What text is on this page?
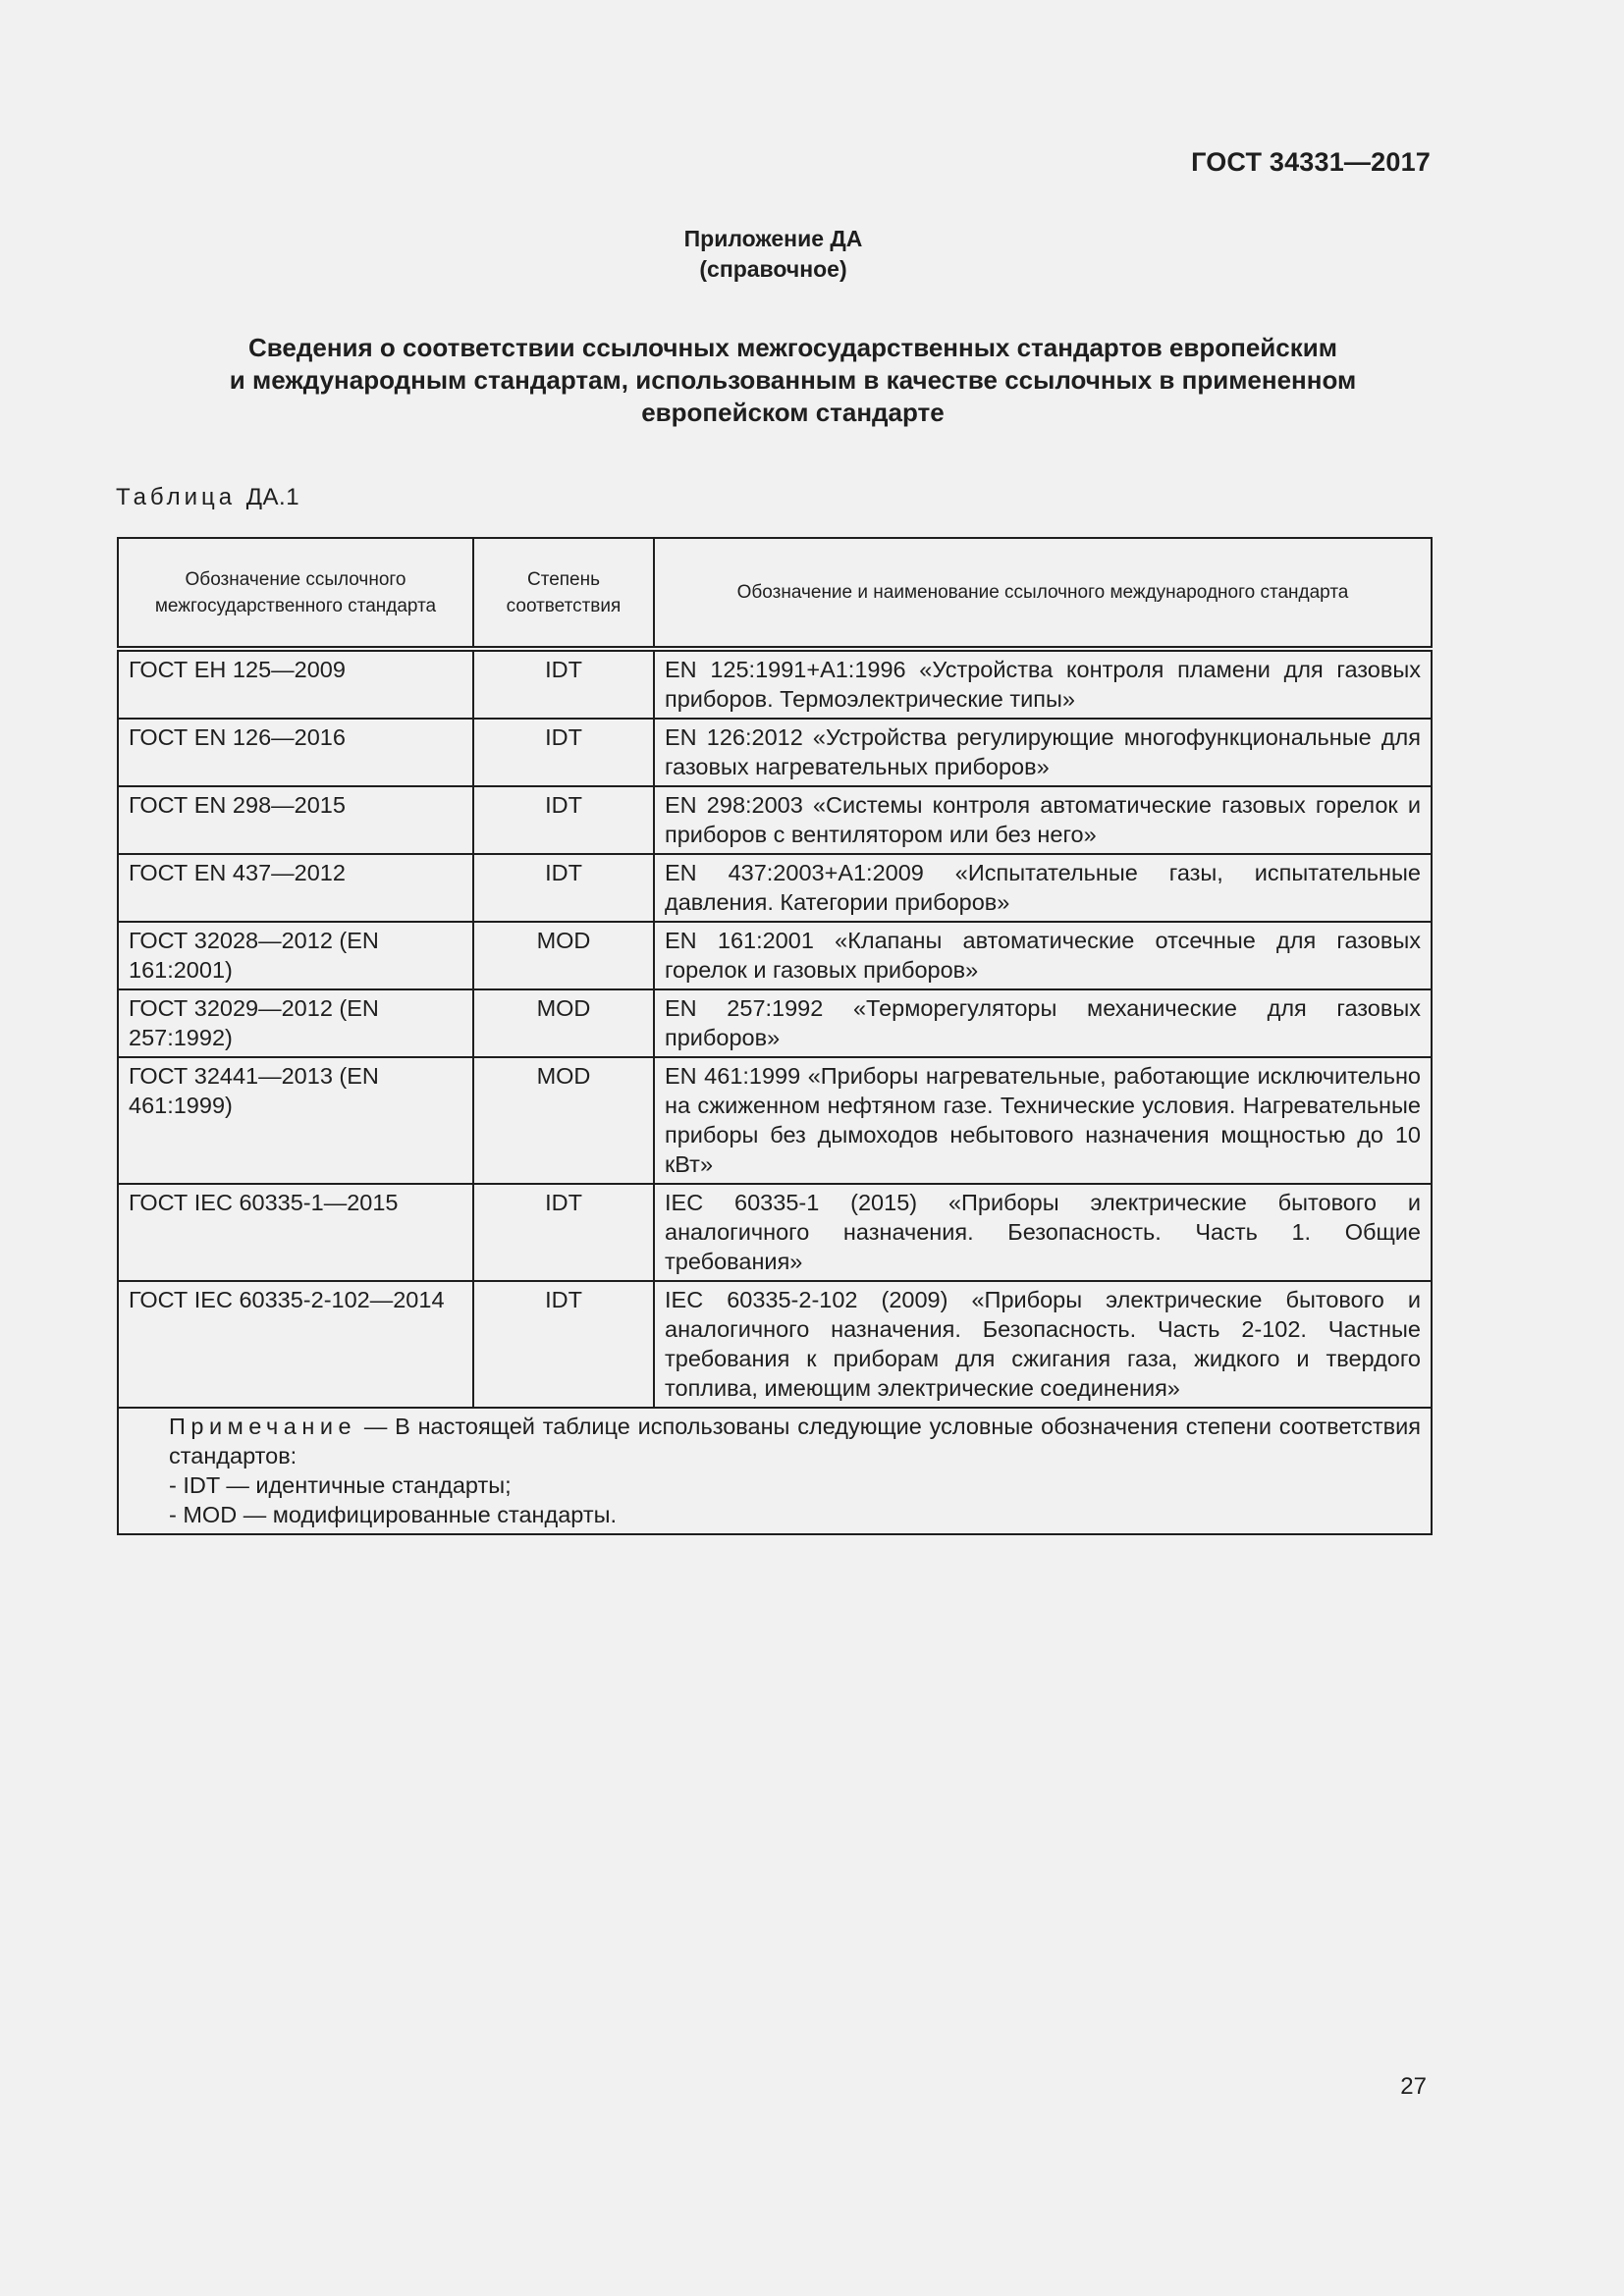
ГОСТ 34331—2017
Приложение ДА
(справочное)
Сведения о соответствии ссылочных межгосударственных стандартов европейским
и международным стандартам, использованным в качестве ссылочных в примененном
европейском стандарте
Таблица ДА.1
Обозначение ссылочного межгосударственного стандарта	Степень соответствия	Обозначение и наименование ссылочного международного стандарта
ГОСТ ЕН 125—2009	IDT	EN 125:1991+А1:1996 «Устройства контроля пламени для газовых приборов. Термоэлектрические типы»
ГОСТ EN 126—2016	IDT	EN 126:2012 «Устройства регулирующие многофункциональные для газовых нагревательных приборов»
ГОСТ EN 298—2015	IDT	EN 298:2003 «Системы контроля автоматические газовых горелок и приборов с вентилятором или без него»
ГОСТ EN 437—2012	IDT	EN 437:2003+А1:2009 «Испытательные газы, испытательные давления. Категории приборов»
ГОСТ 32028—2012 (EN 161:2001)	MOD	EN 161:2001 «Клапаны автоматические отсечные для газовых горелок и газовых приборов»
ГОСТ 32029—2012 (EN 257:1992)	MOD	EN 257:1992 «Терморегуляторы механические для газовых приборов»
ГОСТ 32441—2013 (EN 461:1999)	MOD	EN 461:1999 «Приборы нагревательные, работающие исключительно на сжиженном нефтяном газе. Технические условия. Нагревательные приборы без дымоходов небытового назначения мощностью до 10 кВт»
ГОСТ IEC 60335-1—2015	IDT	IEC 60335-1 (2015) «Приборы электрические бытового и аналогичного назначения. Безопасность. Часть 1. Общие требования»
ГОСТ IEC 60335-2-102—2014	IDT	IEC 60335-2-102 (2009) «Приборы электрические бытового и аналогичного назначения. Безопасность. Часть 2-102. Частные требования к приборам для сжигания газа, жидкого и твердого топлива, имеющим электрические соединения»

Примечание — В настоящей таблице использованы следующие условные обозначения степени соответствия стандартов:
- IDT — идентичные стандарты;
- MOD — модифицированные стандарты.		
27
